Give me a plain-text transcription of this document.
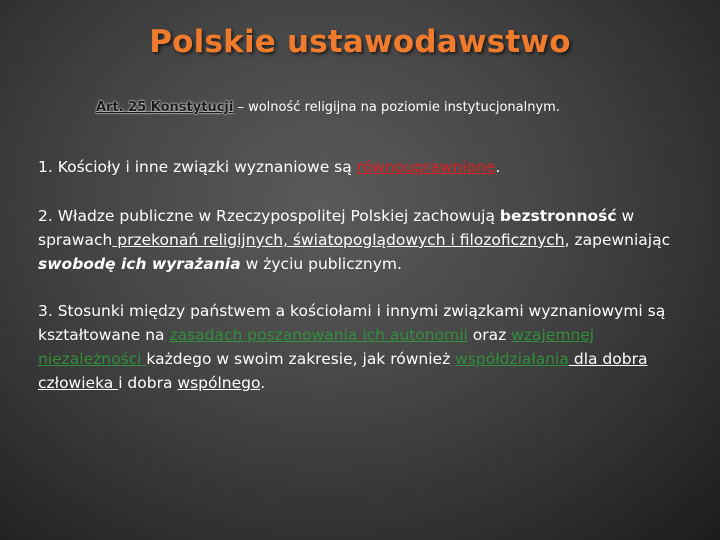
Polskie ustawodawstwo
Art. 25 Konstytucji – wolność religijna na poziomie instytucjonalnym.
1. Kościoły i inne związki wyznaniowe są równouprawnione.
2. Władze publiczne w Rzeczypospolitej Polskiej zachowują bezstronność w sprawach przekonań religijnych, światopoglądowych i filozoficznych, zapewniając swobodę ich wyrażania w życiu publicznym.
3. Stosunki między państwem a kościołami i innymi związkami wyznaniowymi są kształtowane na zasadach poszanowania ich autonomii oraz wzajemnej niezależności każdego w swoim zakresie, jak również współdziałania dla dobra człowieka i dobra wspólnego.
